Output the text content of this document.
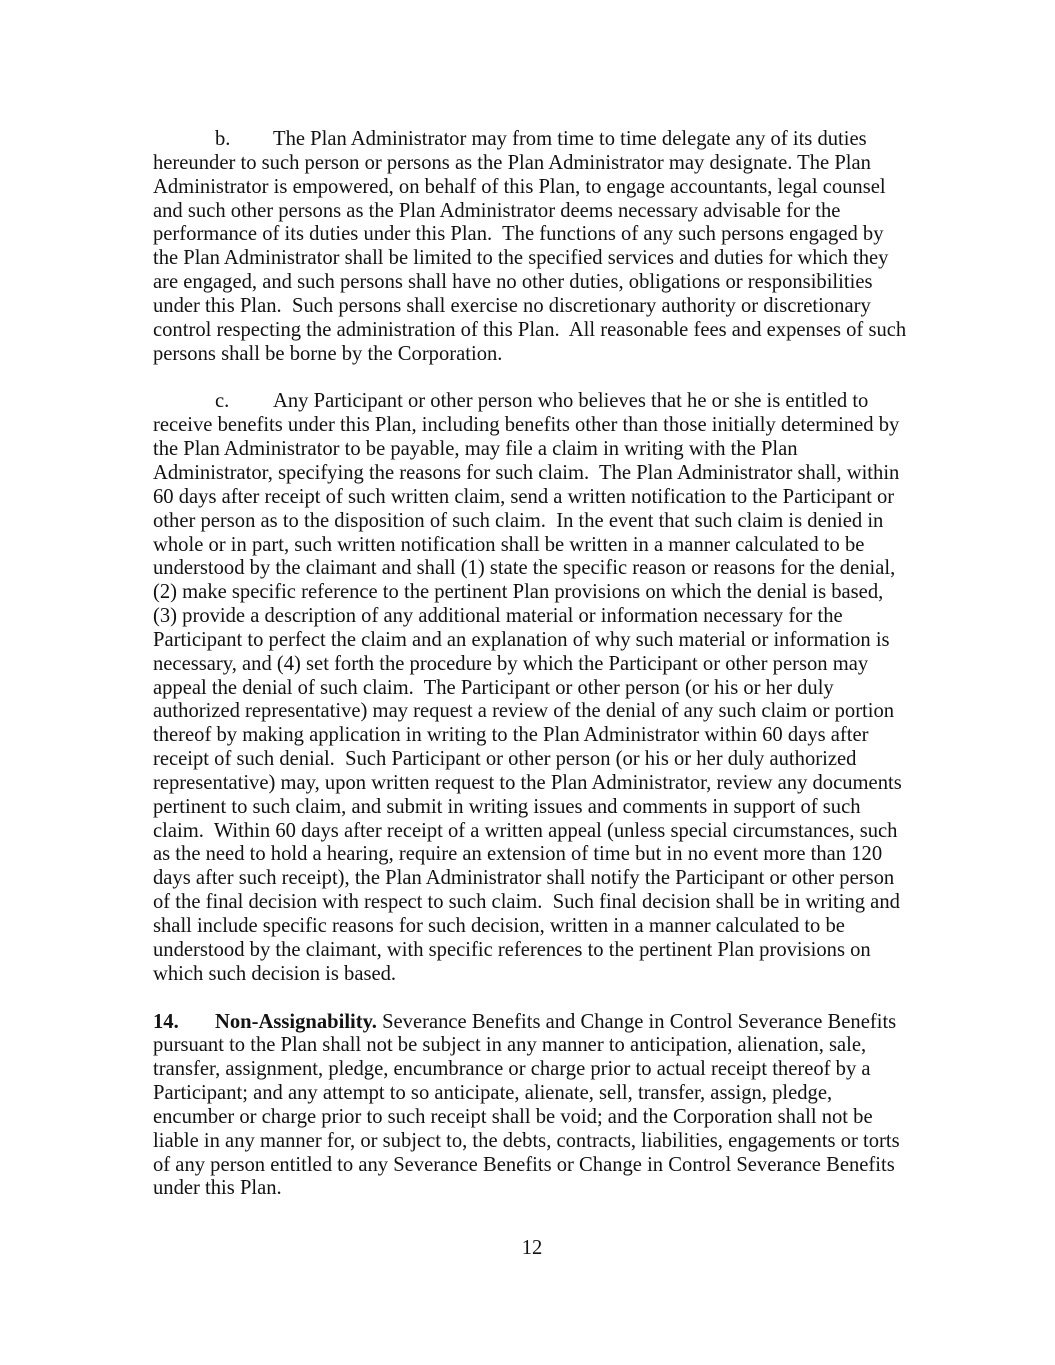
b. The Plan Administrator may from time to time delegate any of its duties hereunder to such person or persons as the Plan Administrator may designate. The Plan Administrator is empowered, on behalf of this Plan, to engage accountants, legal counsel and such other persons as the Plan Administrator deems necessary advisable for the performance of its duties under this Plan.  The functions of any such persons engaged by the Plan Administrator shall be limited to the specified services and duties for which they are engaged, and such persons shall have no other duties, obligations or responsibilities under this Plan.  Such persons shall exercise no discretionary authority or discretionary control respecting the administration of this Plan.  All reasonable fees and expenses of such persons shall be borne by the Corporation.

c. Any Participant or other person who believes that he or she is entitled to receive benefits under this Plan, including benefits other than those initially determined by the Plan Administrator to be payable, may file a claim in writing with the Plan Administrator, specifying the reasons for such claim.  The Plan Administrator shall, within 60 days after receipt of such written claim, send a written notification to the Participant or other person as to the disposition of such claim.  In the event that such claim is denied in whole or in part, such written notification shall be written in a manner calculated to be understood by the claimant and shall (1) state the specific reason or reasons for the denial, (2) make specific reference to the pertinent Plan provisions on which the denial is based, (3) provide a description of any additional material or information necessary for the Participant to perfect the claim and an explanation of why such material or information is necessary, and (4) set forth the procedure by which the Participant or other person may appeal the denial of such claim.  The Participant or other person (or his or her duly authorized representative) may request a review of the denial of any such claim or portion thereof by making application in writing to the Plan Administrator within 60 days after receipt of such denial.  Such Participant or other person (or his or her duly authorized representative) may, upon written request to the Plan Administrator, review any documents pertinent to such claim, and submit in writing issues and comments in support of such claim.  Within 60 days after receipt of a written appeal (unless special circumstances, such as the need to hold a hearing, require an extension of time but in no event more than 120 days after such receipt), the Plan Administrator shall notify the Participant or other person of the final decision with respect to such claim.  Such final decision shall be in writing and shall include specific reasons for such decision, written in a manner calculated to be understood by the claimant, with specific references to the pertinent Plan provisions on which such decision is based.

14. Non-Assignability. Severance Benefits and Change in Control Severance Benefits pursuant to the Plan shall not be subject in any manner to anticipation, alienation, sale, transfer, assignment, pledge, encumbrance or charge prior to actual receipt thereof by a Participant; and any attempt to so anticipate, alienate, sell, transfer, assign, pledge, encumber or charge prior to such receipt shall be void; and the Corporation shall not be liable in any manner for, or subject to, the debts, contracts, liabilities, engagements or torts of any person entitled to any Severance Benefits or Change in Control Severance Benefits under this Plan.

12
